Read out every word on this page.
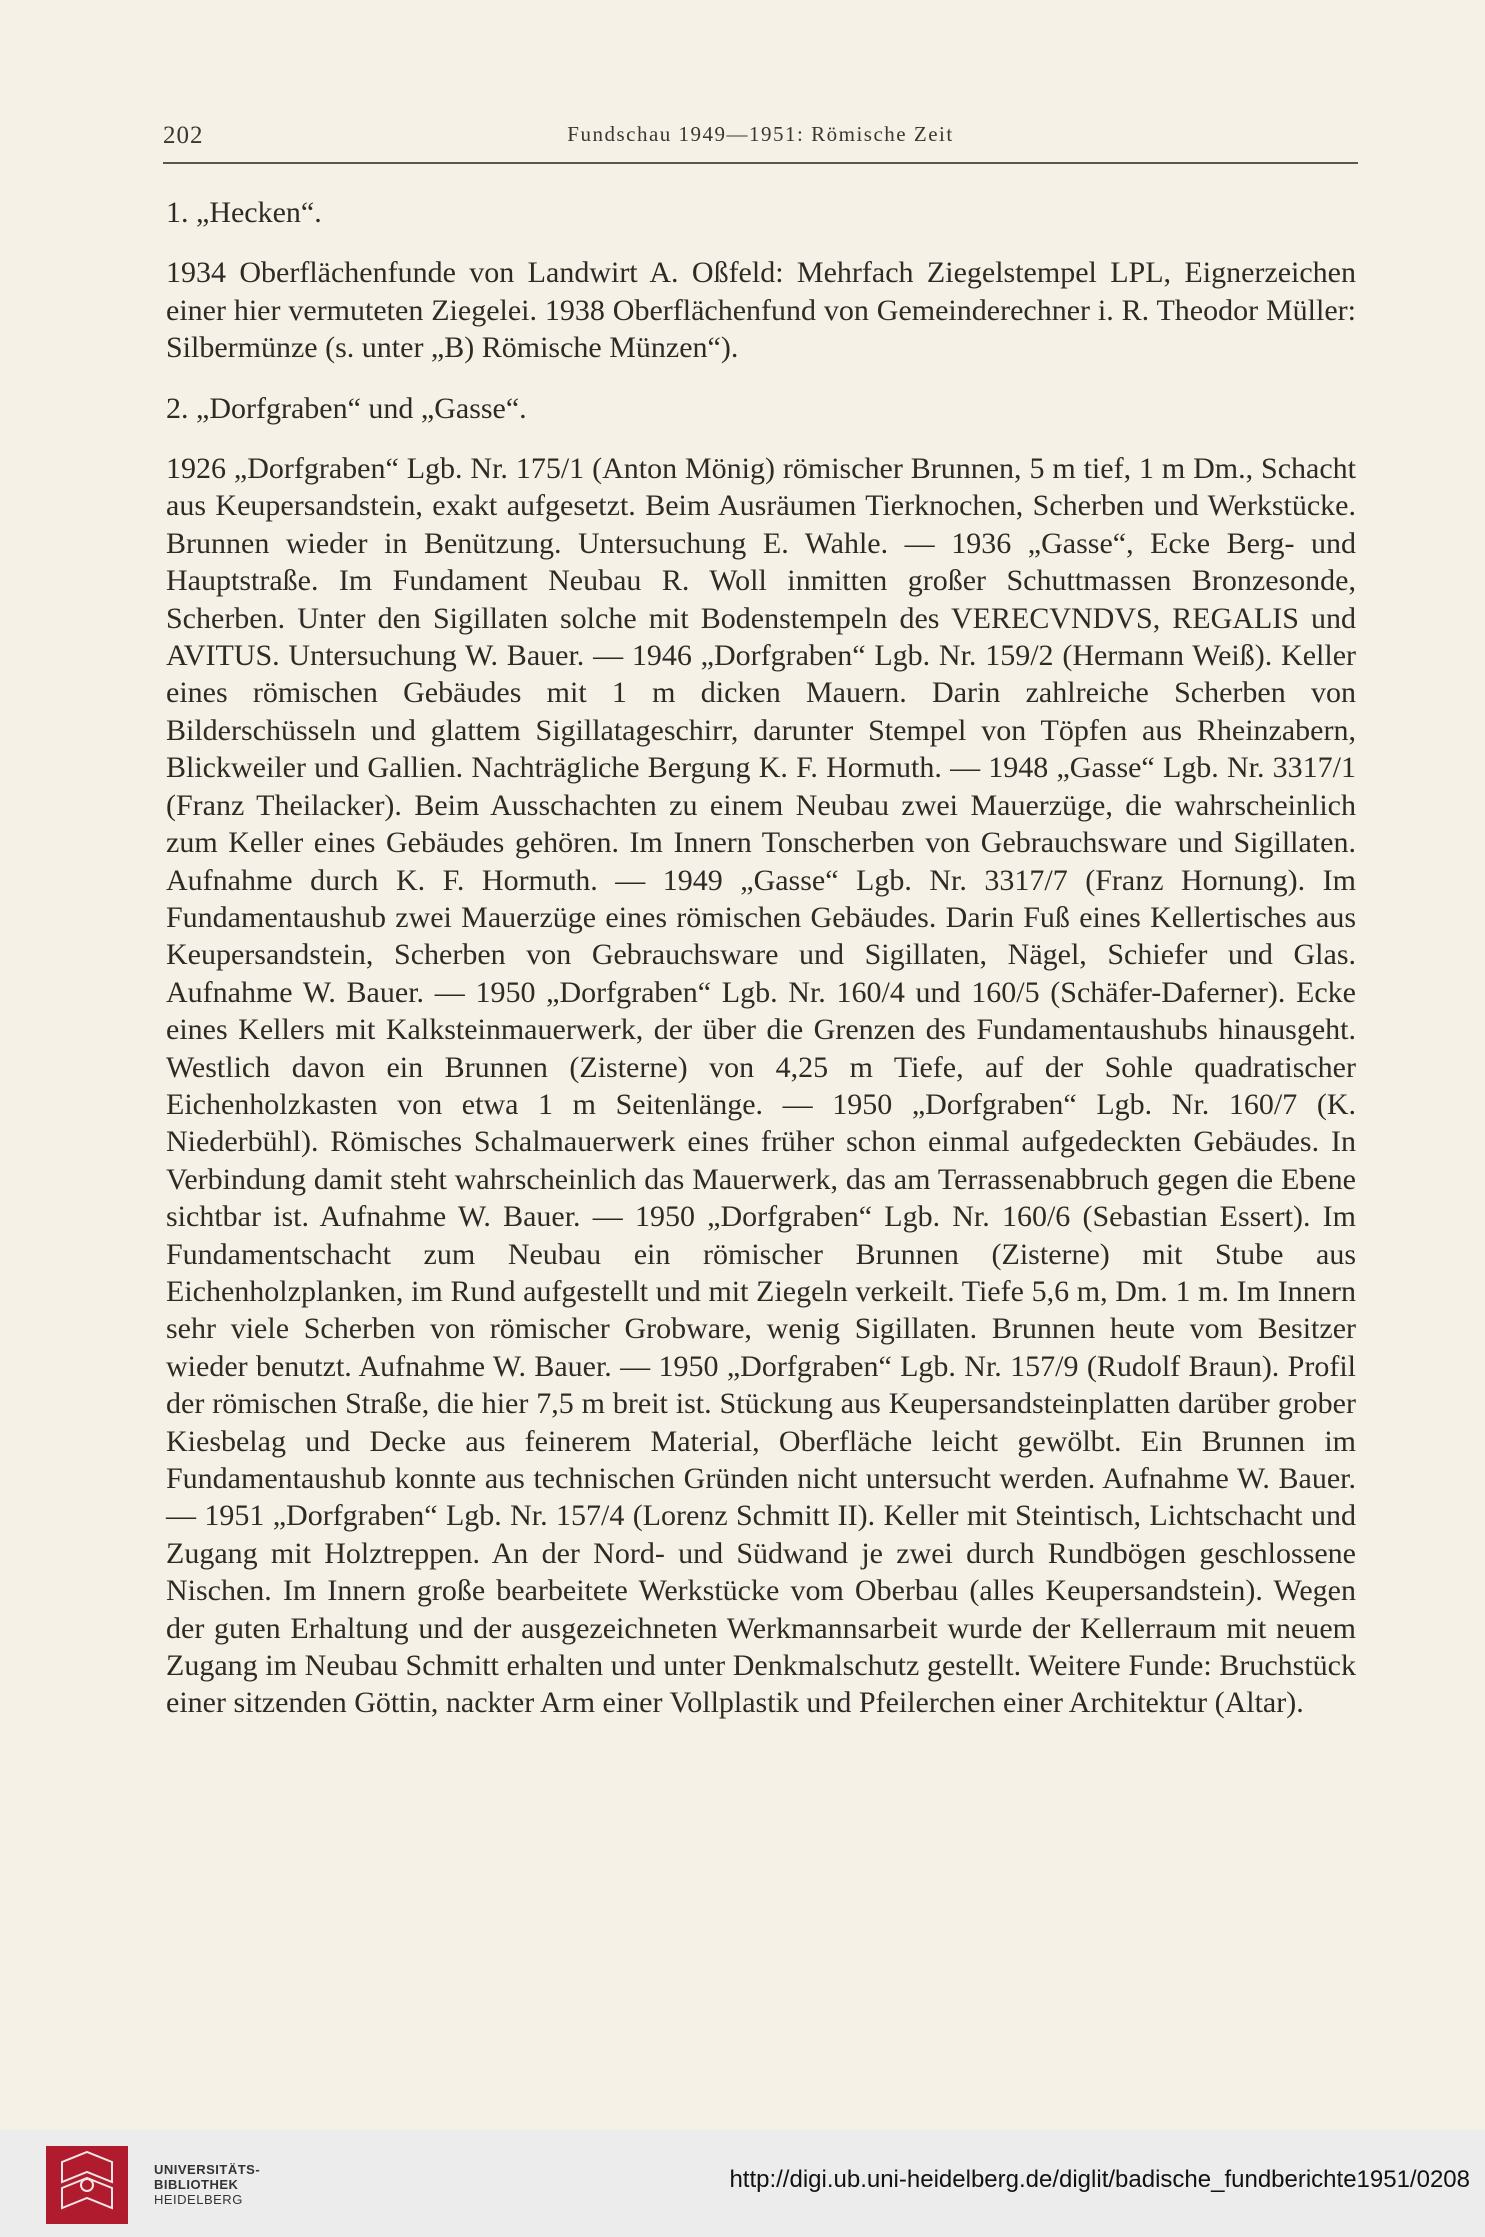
202	Fundschau 1949—1951: Römische Zeit

1. „Hecken“.

1934 Oberflächenfunde von Landwirt A. Oßfeld: Mehrfach Ziegelstempel LPL, Eignerzeichen einer hier vermuteten Ziegelei. 1938 Oberflächenfund von Gemeinderechner i. R. Theodor Müller: Silbermünze (s. unter „B) Römische Münzen“).

2. „Dorfgraben“ und „Gasse“.

1926 „Dorfgraben“ Lgb. Nr. 175/1 (Anton Mönig) römischer Brunnen, 5 m tief, 1 m Dm., Schacht aus Keupersandstein, exakt aufgesetzt. Beim Ausräumen Tierknochen, Scherben und Werkstücke. Brunnen wieder in Benützung. Untersuchung E. Wahle. — 1936 „Gasse“, Ecke Berg- und Hauptstraße. Im Fundament Neubau R. Woll inmitten großer Schuttmassen Bronzesonde, Scherben. Unter den Sigillaten solche mit Bodenstempeln des VERECVNDVS, REGALIS und AVITUS. Untersuchung W. Bauer. — 1946 „Dorfgraben“ Lgb. Nr. 159/2 (Hermann Weiß). Keller eines römischen Gebäudes mit 1 m dicken Mauern. Darin zahlreiche Scherben von Bilderschüsseln und glattem Sigillatageschirr, darunter Stempel von Töpfen aus Rheinzabern, Blickweiler und Gallien. Nachträgliche Bergung K. F. Hormuth. — 1948 „Gasse“ Lgb. Nr. 3317/1 (Franz Theilacker). Beim Ausschachten zu einem Neubau zwei Mauerzüge, die wahrscheinlich zum Keller eines Gebäudes gehören. Im Innern Tonscherben von Gebrauchsware und Sigillaten. Aufnahme durch K. F. Hormuth. — 1949 „Gasse“ Lgb. Nr. 3317/7 (Franz Hornung). Im Fundamentaushub zwei Mauerzüge eines römischen Gebäudes. Darin Fuß eines Kellertisches aus Keupersandstein, Scherben von Gebrauchsware und Sigillaten, Nägel, Schiefer und Glas. Aufnahme W. Bauer. — 1950 „Dorfgraben“ Lgb. Nr. 160/4 und 160/5 (Schäfer-Daferner). Ecke eines Kellers mit Kalksteinmauerwerk, der über die Grenzen des Fundamentaushubs hinausgeht. Westlich davon ein Brunnen (Zisterne) von 4,25 m Tiefe, auf der Sohle quadratischer Eichenholzkasten von etwa 1 m Seitenlänge. — 1950 „Dorfgraben“ Lgb. Nr. 160/7 (K. Niederbühl). Römisches Schalmauerwerk eines früher schon einmal aufgedeckten Gebäudes. In Verbindung damit steht wahrscheinlich das Mauerwerk, das am Terrassenabbruch gegen die Ebene sichtbar ist. Aufnahme W. Bauer. — 1950 „Dorfgraben“ Lgb. Nr. 160/6 (Sebastian Essert). Im Fundamentschacht zum Neubau ein römischer Brunnen (Zisterne) mit Stube aus Eichenholzplanken, im Rund aufgestellt und mit Ziegeln verkeilt. Tiefe 5,6 m, Dm. 1 m. Im Innern sehr viele Scherben von römischer Grobware, wenig Sigillaten. Brunnen heute vom Besitzer wieder benutzt. Aufnahme W. Bauer. — 1950 „Dorfgraben“ Lgb. Nr. 157/9 (Rudolf Braun). Profil der römischen Straße, die hier 7,5 m breit ist. Stückung aus Keupersandsteinplatten darüber grober Kiesbelag und Decke aus feinerem Material, Oberfläche leicht gewölbt. Ein Brunnen im Fundamentaushub konnte aus technischen Gründen nicht untersucht werden. Aufnahme W. Bauer. — 1951 „Dorfgraben“ Lgb. Nr. 157/4 (Lorenz Schmitt II). Keller mit Steintisch, Lichtschacht und Zugang mit Holztreppen. An der Nord- und Südwand je zwei durch Rundbögen geschlossene Nischen. Im Innern große bearbeitete Werkstücke vom Oberbau (alles Keupersandstein). Wegen der guten Erhaltung und der ausgezeichneten Werkmannsarbeit wurde der Kellerraum mit neuem Zugang im Neubau Schmitt erhalten und unter Denkmalschutz gestellt. Weitere Funde: Bruchstück einer sitzenden Göttin, nackter Arm einer Vollplastik und Pfeilerchen einer Architektur (Altar).

UNIVERSITÄTS-
BIBLIOTHEK
HEIDELBERG
http://digi.ub.uni-heidelberg.de/diglit/badische_fundberichte1951/0208
